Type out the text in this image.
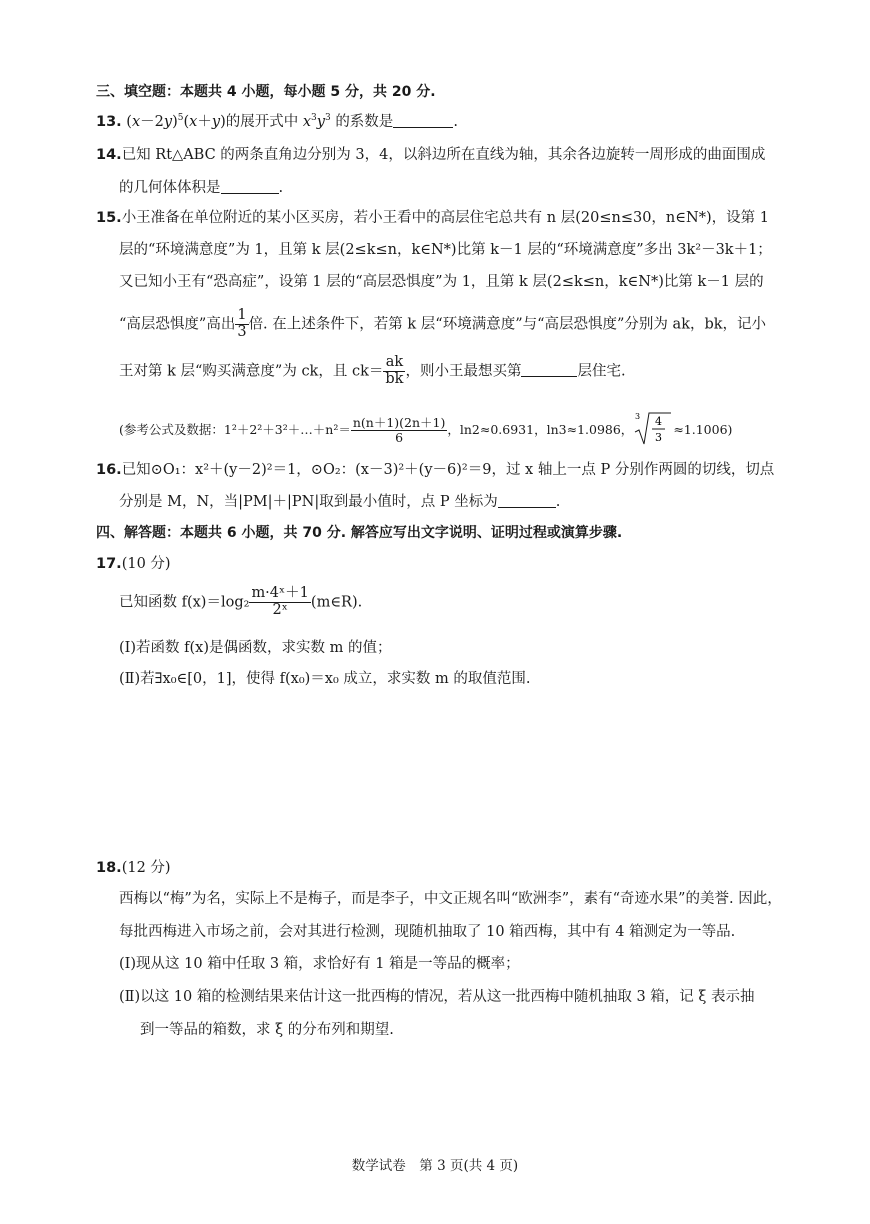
三、填空题：本题共 4 小题，每小题 5 分，共 20 分.
13. $(x-2y)^5(x+y)$的展开式中 $x^3y^3$ 的系数是	.
14.已知 Rt△ABC 的两条直角边分别为 3，4，以斜边所在直线为轴，其余各边旋转一周形成的曲面围成
的几何体体积是	.
15.小王准备在单位附近的某小区买房，若小王看中的高层住宅总共有 n 层(20≤n≤30，n∈N*)，设第 1
层的“环境满意度”为 1，且第 k 层(2≤k≤n，k∈N*)比第 k－1 层的“环境满意度”多出 3k²－3k＋1；
又已知小王有“恐高症”，设第 1 层的“高层恐惧度”为 1，且第 k 层(2≤k≤n，k∈N*)比第 k－1 层的
“高层恐惧度”高出 $\frac{1}{3}$ 倍. 在上述条件下，若第 k 层“环境满意度”与“高层恐惧度”分别为 ak，bk，记小
王对第 k 层“购买满意度”为 ck，且 $ck= \frac{ak}{bk}$ ，则小王最想买第	层住宅.
(参考公式及数据：1²＋2²＋3²＋…＋n²＝ $\frac{n(n+1)(2n+1)}{6}$ ，ln2≈0.6931，ln3≈1.0986，
3 4
3
≈1.1006)
16.已知⊙O₁：x²＋(y－2)²＝1，⊙O₂：(x－3)²＋(y－6)²＝9，过 x 轴上一点 P 分别作两圆的切线，切点
分别是 M，N，当|PM|＋|PN|取到最小值时，点 P 坐标为	.
四、解答题：本题共 6 小题，共 70 分. 解答应写出文字说明、证明过程或演算步骤.
17.(10 分)
已知函数 $f(x)=\log_2 \frac{\text{m·4ˣ＋1}}{\text{2ˣ}}$ (m∈R).
(Ⅰ)若函数 f(x)是偶函数，求实数 m 的值；
(Ⅱ)若∃x₀∈[0，1]，使得 f(x₀)＝x₀ 成立，求实数 m 的取值范围.
18.(12 分)
西梅以“梅”为名，实际上不是梅子，而是李子，中文正规名叫“欧洲李”，素有“奇迹水果”的美誉. 因此，
每批西梅进入市场之前，会对其进行检测，现随机抽取了 10 箱西梅，其中有 4 箱测定为一等品.
(Ⅰ)现从这 10 箱中任取 3 箱，求恰好有 1 箱是一等品的概率；
(Ⅱ)以这 10 箱的检测结果来估计这一批西梅的情况，若从这一批西梅中随机抽取 3 箱，记 ξ 表示抽
到一等品的箱数，求 ξ 的分布列和期望.
数学试卷　第 3 页(共 4 页)
